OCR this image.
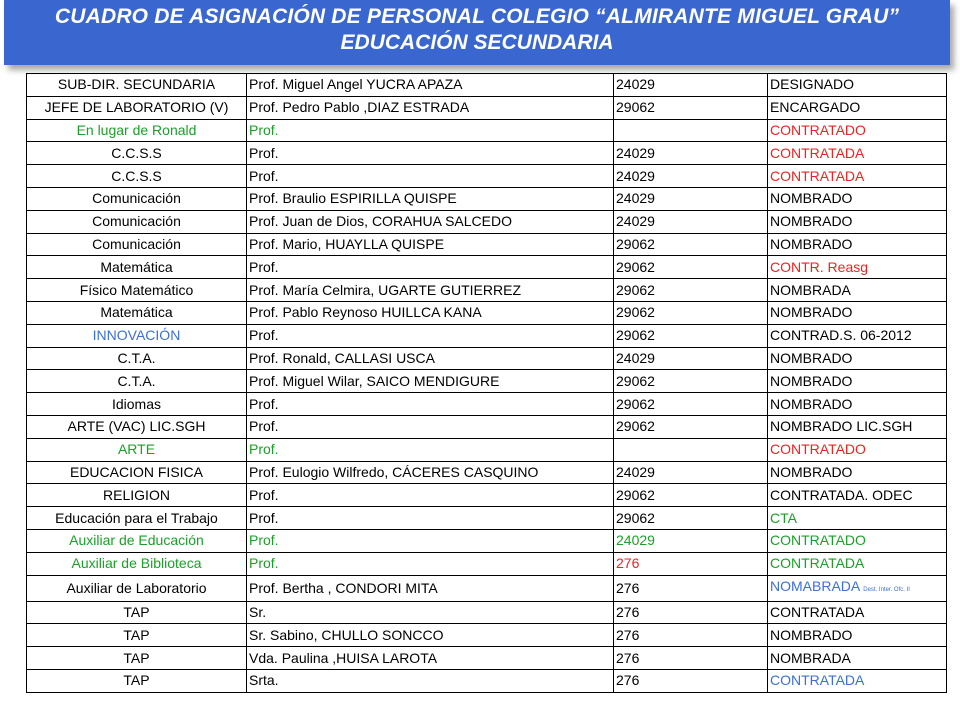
CUADRO DE ASIGNACIÓN DE PERSONAL COLEGIO “ALMIRANTE MIGUEL GRAU”
EDUCACIÓN SECUNDARIA
SUB-DIR. SECUNDARIA	Prof. Miguel Angel YUCRA APAZA	24029	DESIGNADO
JEFE DE LABORATORIO (V)	Prof. Pedro Pablo ,DIAZ ESTRADA	29062	ENCARGADO
En lugar de Ronald	Prof.		CONTRATADO
C.C.S.S	Prof.	24029	CONTRATADA
C.C.S.S	Prof.	24029	CONTRATADA
Comunicación	Prof. Braulio ESPIRILLA QUISPE	24029	NOMBRADO
Comunicación	Prof. Juan de Dios, CORAHUA SALCEDO	24029	NOMBRADO
Comunicación	Prof. Mario, HUAYLLA QUISPE	29062	NOMBRADO
Matemática	Prof.	29062	CONTR. Reasg
Físico Matemático	Prof. María Celmira, UGARTE GUTIERREZ	29062	NOMBRADA
Matemática	Prof. Pablo Reynoso HUILLCA KANA	29062	NOMBRADO
INNOVACIÓN	Prof.	29062	CONTRAD.S. 06-2012
C.T.A.	Prof. Ronald, CALLASI USCA	24029	NOMBRADO
C.T.A.	Prof. Miguel Wilar, SAICO MENDIGURE	29062	NOMBRADO
Idiomas	Prof.	29062	NOMBRADO
ARTE (VAC) LIC.SGH	Prof.	29062	NOMBRADO LIC.SGH
ARTE	Prof.		CONTRATADO
EDUCACION FISICA	Prof. Eulogio Wilfredo, CÁCERES CASQUINO	24029	NOMBRADO
RELIGION	Prof.	29062	CONTRATADA. ODEC
Educación para el Trabajo	Prof.	29062	CTA
Auxiliar de Educación	Prof.	24029	CONTRATADO
Auxiliar de Biblioteca	Prof.	276	CONTRATADA
Auxiliar de Laboratorio	Prof. Bertha , CONDORI MITA	276	NOMABRADA Dest. Inter. Ofc. II
TAP	Sr.	276	CONTRATADA
TAP	Sr. Sabino, CHULLO SONCCO	276	NOMBRADO
TAP	Vda. Paulina ,HUISA LAROTA	276	NOMBRADA
TAP	Srta.	276	CONTRATADA
